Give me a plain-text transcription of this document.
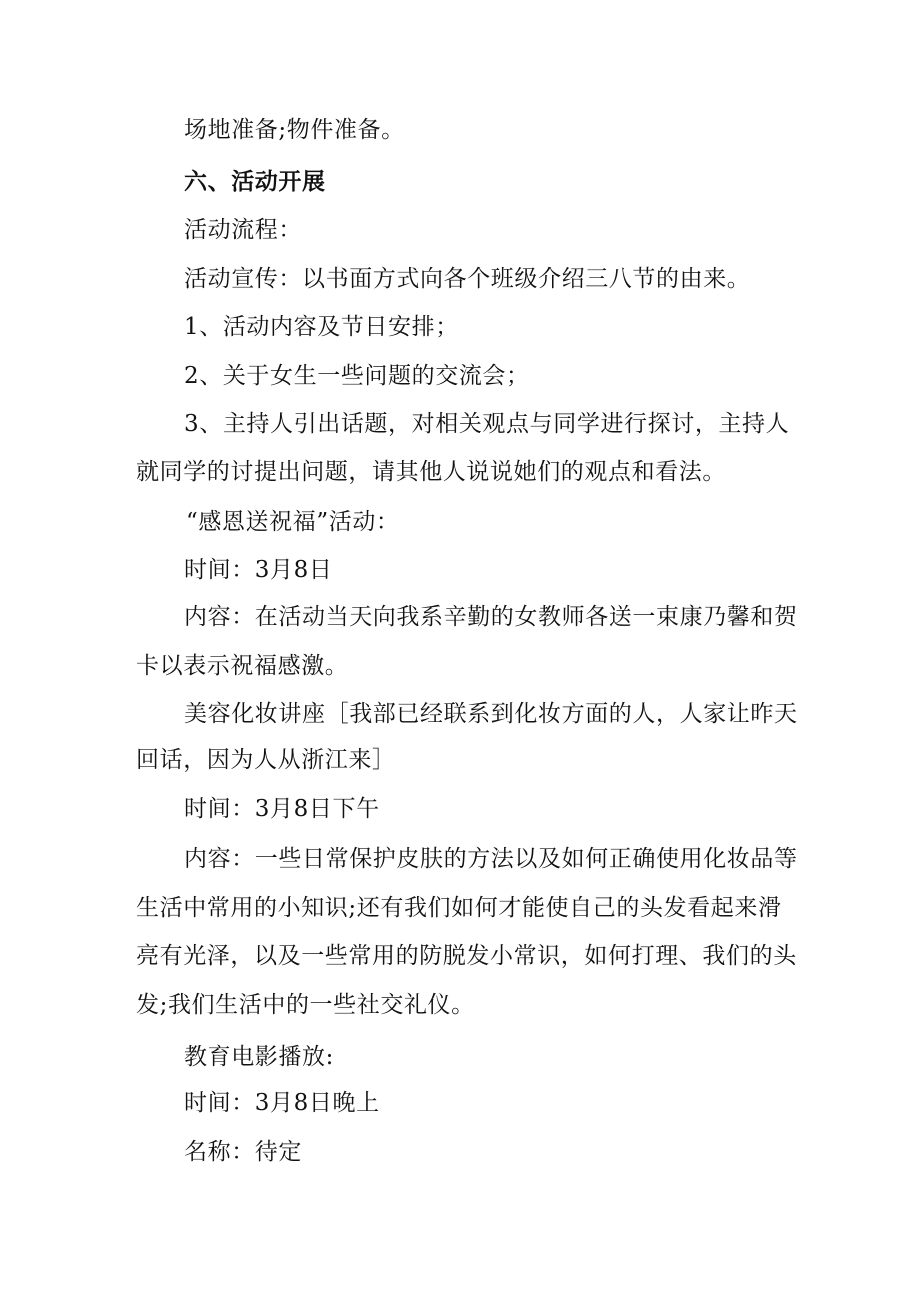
场地准备;物件准备。
六、活动开展
活动流程：
活动宣传：以书面方式向各个班级介绍三八节的由来。
1、活动内容及节日安排；
2、关于女生一些问题的交流会；
3、主持人引出话题，对相关观点与同学进行探讨，主持人
就同学的讨提出问题，请其他人说说她们的观点和看法。
“感恩送祝福”活动：
时间：3月8日
内容：在活动当天向我系辛勤的女教师各送一束康乃馨和贺
卡以表示祝福感激。
美容化妆讲座［我部已经联系到化妆方面的人，人家让昨天
回话，因为人从浙江来］
时间：3月8日下午
内容：一些日常保护皮肤的方法以及如何正确使用化妆品等
生活中常用的小知识;还有我们如何才能使自己的头发看起来滑
亮有光泽，以及一些常用的防脱发小常识，如何打理、我们的头
发;我们生活中的一些社交礼仪。
教育电影播放:
时间：3月8日晚上
名称：待定
